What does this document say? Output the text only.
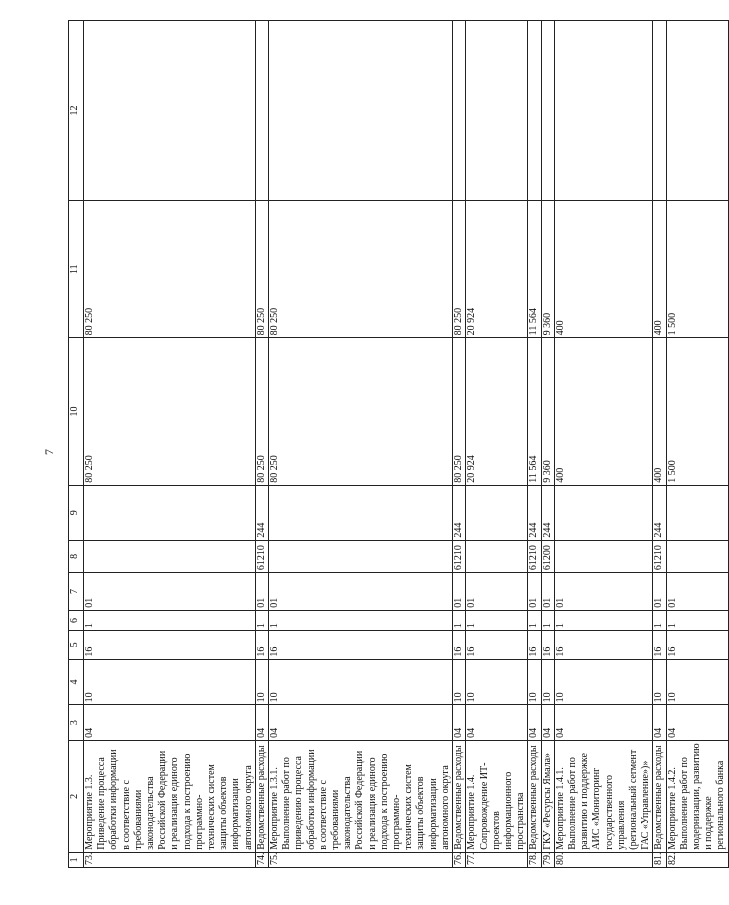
7
1	2	3	4	5	6	7	8	9	10	11	12
73.	Мероприятие 1.3. Приведение процесса обработки информации в соответствие с требованиями законодательства Российской Федерации и реализация единого подхода к построению программно-технических систем защиты объектов информатизации автономного округа	04	10	16	1	01			80 250	80 250	
74.	Ведомственные расходы	04	10	16	1	01	61210	244	80 250	80 250	
75.	Мероприятие 1.3.1. Выполнение работ по приведению процесса обработки информации в соответствие с требованиями законодательства Российской Федерации и реализация единого подхода к построению программно-технических систем защиты объектов информатизации автономного округа	04	10	16	1	01			80 250	80 250	
76.	Ведомственные расходы	04	10	16	1	01	61210	244	80 250	80 250	
77.	Мероприятие 1.4. Сопровождение ИТ-проектов информационного пространства	04	10	16	1	01			20 924	20 924	
78.	Ведомственные расходы	04	10	16	1	01	61210	244	11 564	11 564	
79.	ГКУ «Ресурсы Ямала»	04	10	16	1	01	61200	244	9 360	9 360	
80.	Мероприятие 1.4.1. Выполнение работ по развитию и поддержке АИС «Мониторинг государственного управления (региональный сегмент ГАС «Управление»)»	04	10	16	1	01			400	400	
81.	Ведомственные расходы	04	10	16	1	01	61210	244	400	400	
82.	Мероприятие 1.4.2. Выполнение работ по модернизации, развитию и поддержке регионального банка	04	10	16	1	01			1 500	1 500	
